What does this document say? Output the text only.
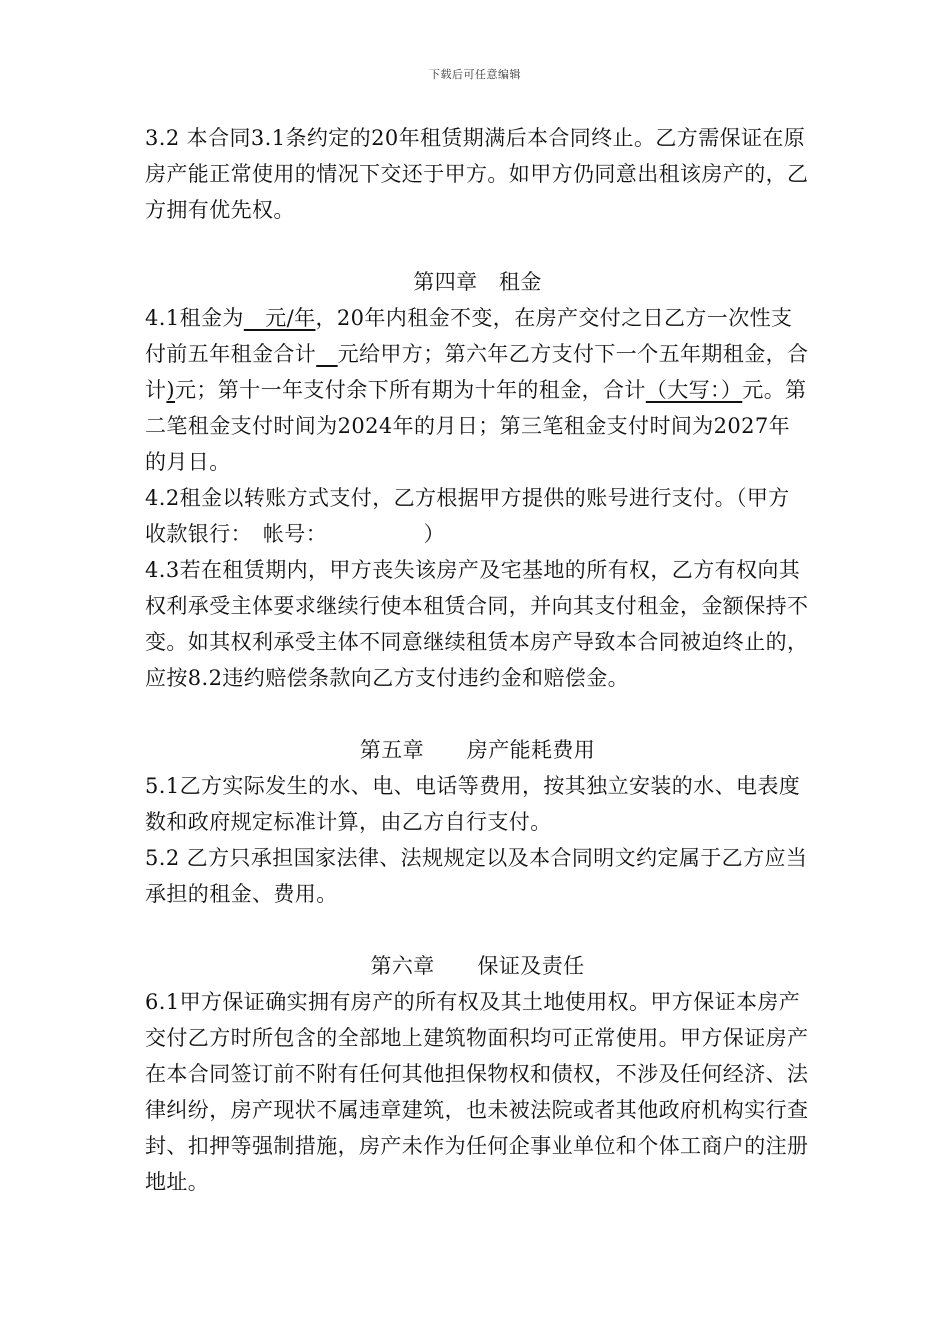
下载后可任意编辑

3.2 本合同3.1条约定的20年租赁期满后本合同终止。乙方需保证在原房产能正常使用的情况下交还于甲方。如甲方仍同意出租该房产的，乙方拥有优先权。

第四章　租金

4.1租金为　元/年，20年内租金不变，在房产交付之日乙方一次性支付前五年租金合计　 元给甲方；第六年乙方支付下一个五年期租金，合计)元；第十一年支付余下所有期为十年的租金，合计（大写：）元。第二笔租金支付时间为2024年的月日；第三笔租金支付时间为2027年的月日。

4.2租金以转账方式支付，乙方根据甲方提供的账号进行支付。（甲方收款银行：　帐号：　　　　　）

4.3若在租赁期内，甲方丧失该房产及宅基地的所有权，乙方有权向其权利承受主体要求继续行使本租赁合同，并向其支付租金，金额保持不变。如其权利承受主体不同意继续租赁本房产导致本合同被迫终止的，应按8.2违约赔偿条款向乙方支付违约金和赔偿金。

第五章　　房产能耗费用

5.1乙方实际发生的水、电、电话等费用，按其独立安装的水、电表度数和政府规定标准计算，由乙方自行支付。

5.2 乙方只承担国家法律、法规规定以及本合同明文约定属于乙方应当承担的租金、费用。

第六章　　保证及责任

6.1甲方保证确实拥有房产的所有权及其土地使用权。甲方保证本房产交付乙方时所包含的全部地上建筑物面积均可正常使用。甲方保证房产在本合同签订前不附有任何其他担保物权和债权，不涉及任何经济、法律纠纷，房产现状不属违章建筑，也未被法院或者其他政府机构实行查封、扣押等强制措施，房产未作为任何企事业单位和个体工商户的注册地址。
